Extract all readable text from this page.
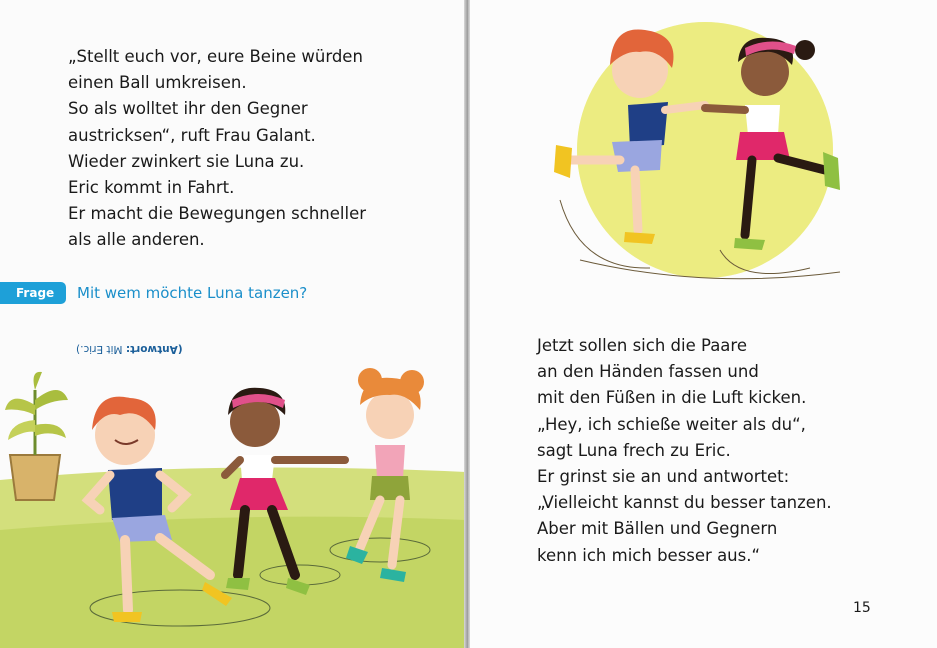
„Stellt euch vor, eure Beine würden
einen Ball umkreisen.
So als wolltet ihr den Gegner
austricksen“, ruft Frau Galant.
Wieder zwinkert sie Luna zu.
Eric kommt in Fahrt.
Er macht die Bewegungen schneller
als alle anderen.
Frage	Mit wem möchte Luna tanzen?
(Antwort: Mit Eric.)	Jetzt sollen sich die Paare
an den Händen fassen und
mit den Füßen in die Luft kicken.
„Hey, ich schieße weiter als du“,
sagt Luna frech zu Eric.
Er grinst sie an und antwortet:
„Vielleicht kannst du besser tanzen.
Aber mit Bällen und Gegnern
kenn ich mich besser aus.“
15
